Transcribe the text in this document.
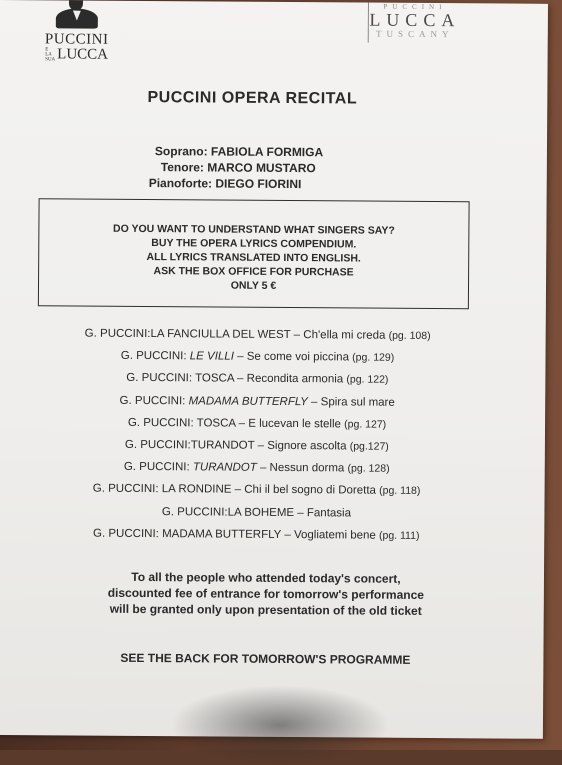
PUCCINI
E LA
SUA LUCCA
PUCCINI
LUCCA
TUSCANY
PUCCINI OPERA RECITAL
Soprano: FABIOLA FORMIGA
Tenore: MARCO MUSTARO
Pianoforte: DIEGO FIORINI
DO YOU WANT TO UNDERSTAND WHAT SINGERS SAY?
BUY THE OPERA LYRICS COMPENDIUM.
ALL LYRICS TRANSLATED INTO ENGLISH.
ASK THE BOX OFFICE FOR PURCHASE
ONLY 5 €
G. PUCCINI:LA FANCIULLA DEL WEST – Ch'ella mi creda (pg. 108)
G. PUCCINI: LE VILLI – Se come voi piccina (pg. 129)
G. PUCCINI: TOSCA – Recondita armonia (pg. 122)
G. PUCCINI: MADAMA BUTTERFLY – Spira sul mare
G. PUCCINI: TOSCA – E lucevan le stelle (pg. 127)
G. PUCCINI:TURANDOT – Signore ascolta (pg.127)
G. PUCCINI: TURANDOT – Nessun dorma (pg. 128)
G. PUCCINI: LA RONDINE – Chi il bel sogno di Doretta (pg. 118)
G. PUCCINI:LA BOHEME – Fantasia
G. PUCCINI: MADAMA BUTTERFLY – Vogliatemi bene (pg. 111)
To all the people who attended today's concert,
discounted fee of entrance for tomorrow's performance
will be granted only upon presentation of the old ticket
SEE THE BACK FOR TOMORROW'S PROGRAMME
